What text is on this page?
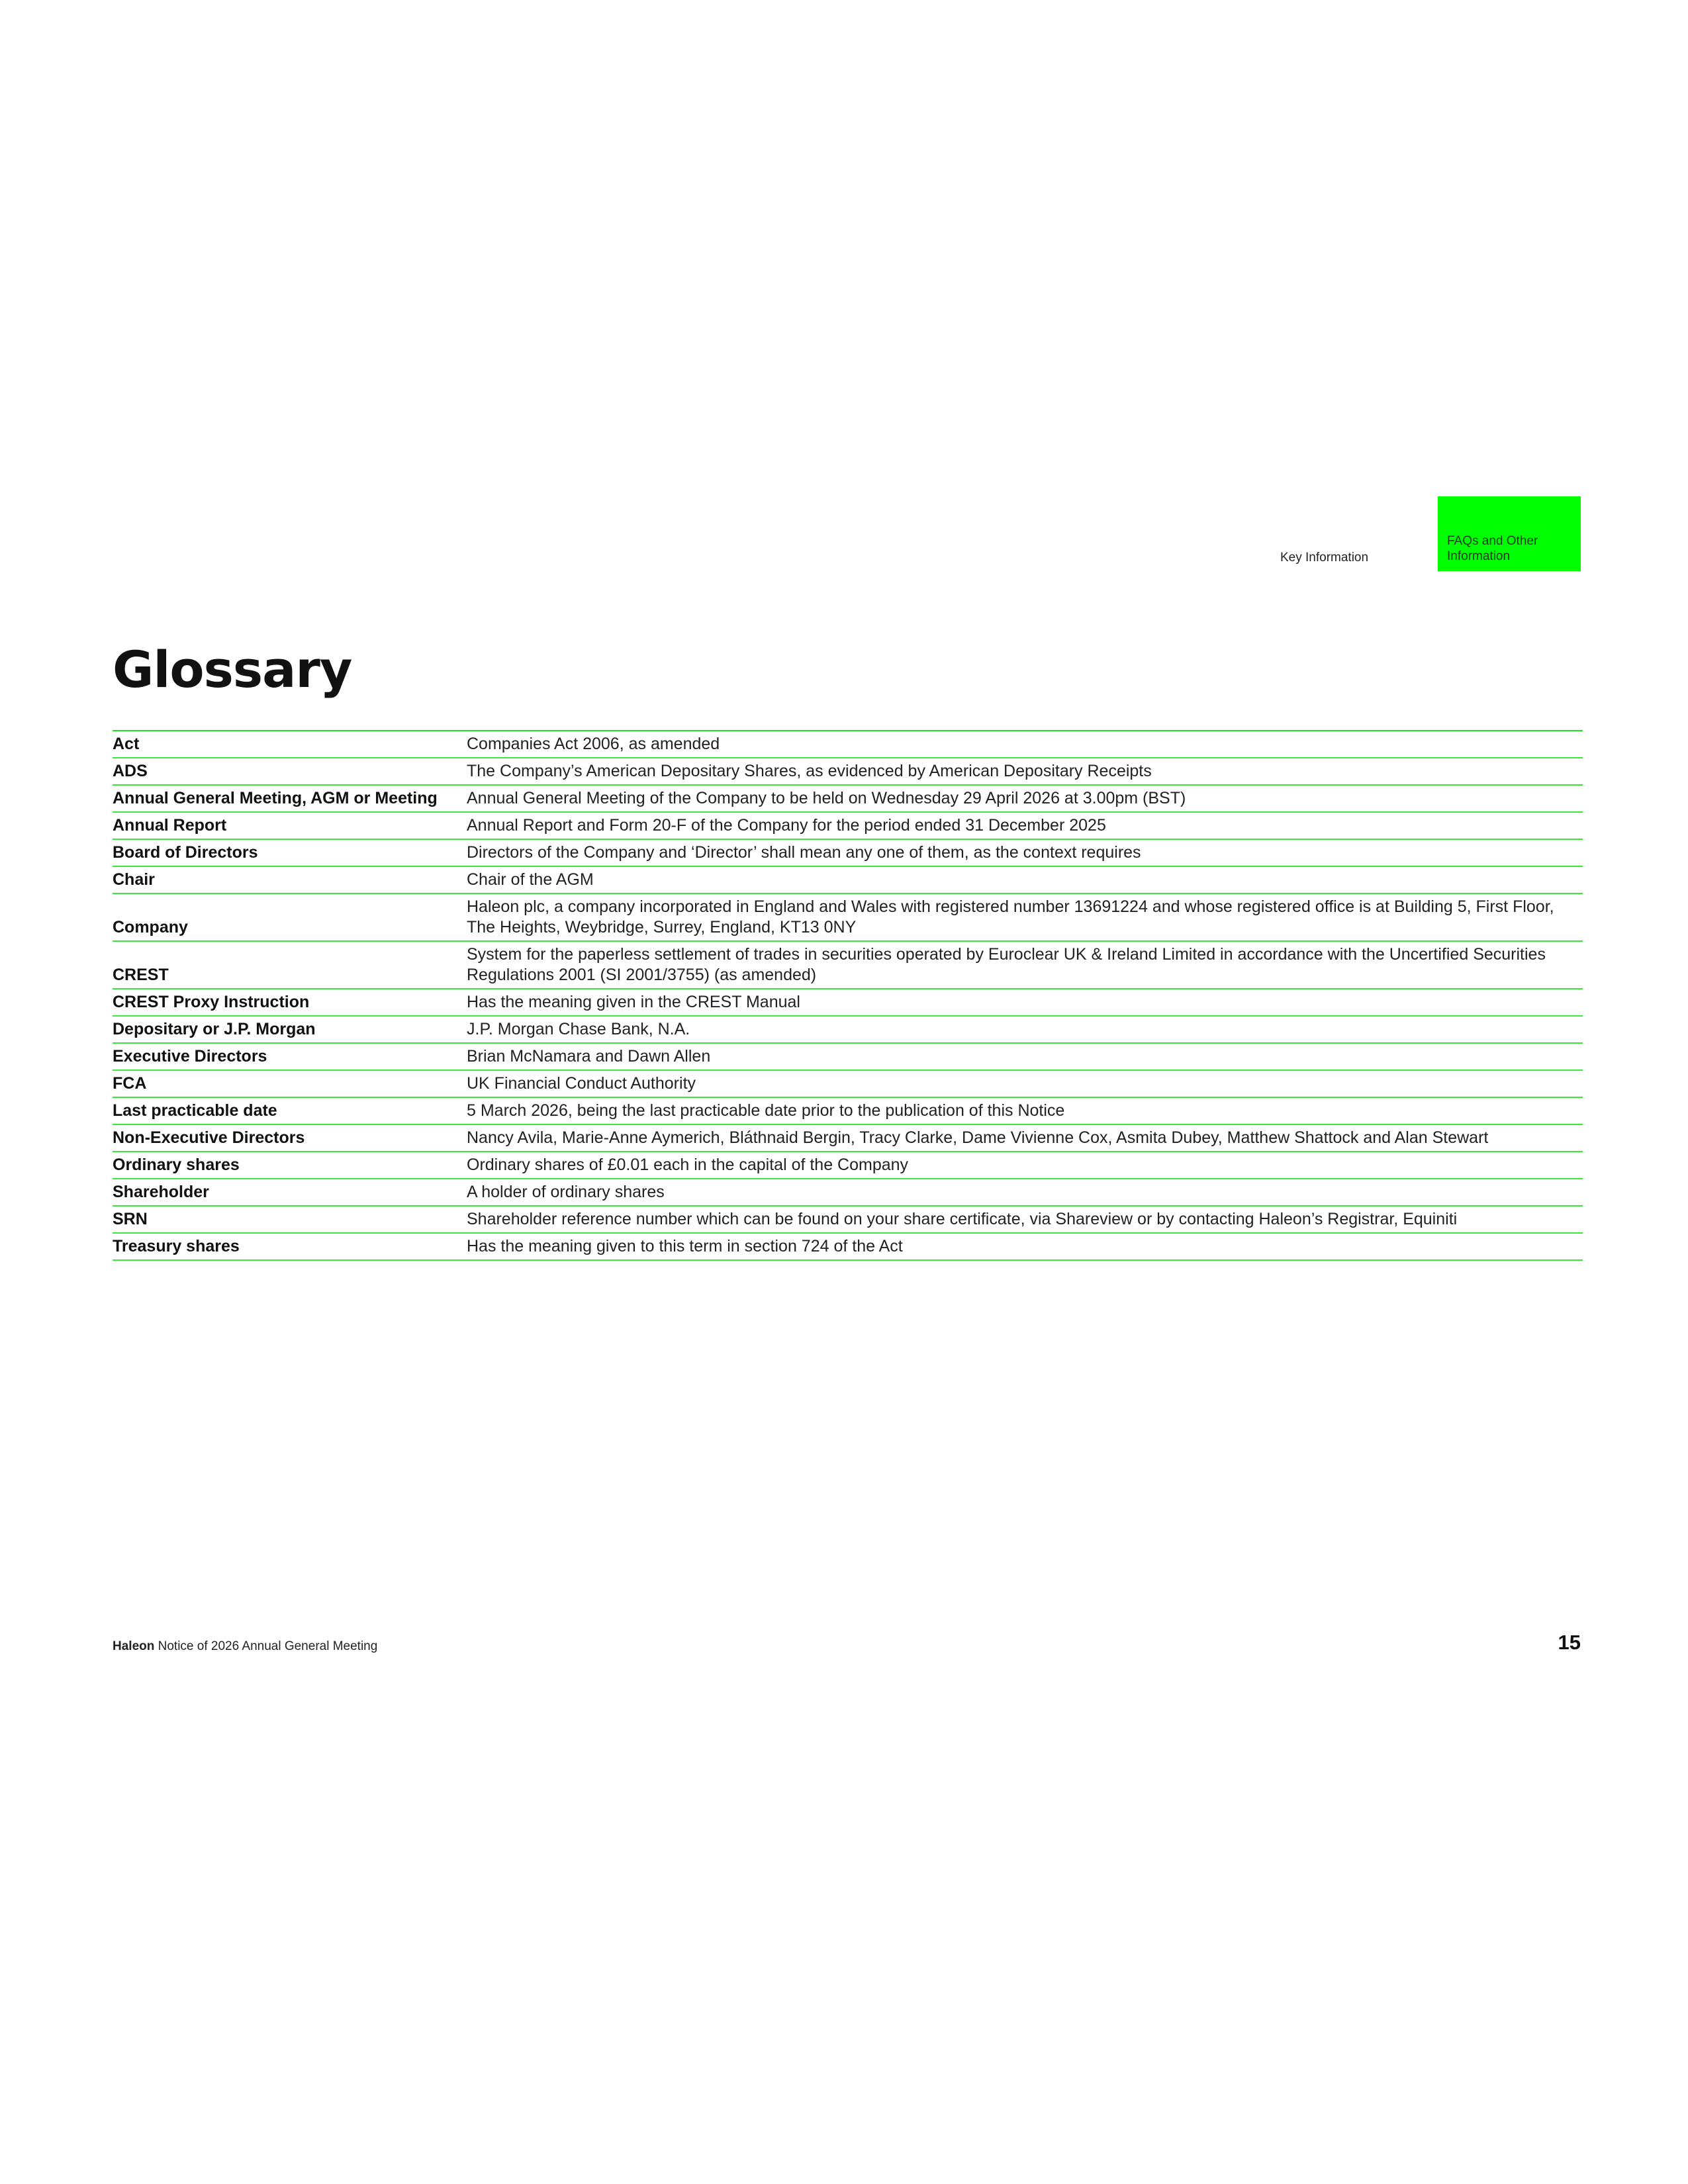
Key Information
FAQs and Other Information
Glossary
Act	Companies Act 2006, as amended
ADS	The Company’s American Depositary Shares, as evidenced by American Depositary Receipts
Annual General Meeting, AGM or Meeting	Annual General Meeting of the Company to be held on Wednesday 29 April 2026 at 3.00pm (BST)
Annual Report	Annual Report and Form 20-F of the Company for the period ended 31 December 2025
Board of Directors	Directors of the Company and ‘Director’ shall mean any one of them, as the context requires
Chair	Chair of the AGM
Company	Haleon plc, a company incorporated in England and Wales with registered number 13691224 and whose registered office is at Building 5, First Floor, The Heights, Weybridge, Surrey, England, KT13 0NY
CREST	System for the paperless settlement of trades in securities operated by Euroclear UK & Ireland Limited in accordance with the Uncertified Securities Regulations 2001 (SI 2001/3755) (as amended)
CREST Proxy Instruction	Has the meaning given in the CREST Manual
Depositary or J.P. Morgan	J.P. Morgan Chase Bank, N.A.
Executive Directors	Brian McNamara and Dawn Allen
FCA	UK Financial Conduct Authority
Last practicable date	5 March 2026, being the last practicable date prior to the publication of this Notice
Non-Executive Directors	Nancy Avila, Marie-Anne Aymerich, Bláthnaid Bergin, Tracy Clarke, Dame Vivienne Cox, Asmita Dubey, Matthew Shattock and Alan Stewart
Ordinary shares	Ordinary shares of £0.01 each in the capital of the Company
Shareholder	A holder of ordinary shares
SRN	Shareholder reference number which can be found on your share certificate, via Shareview or by contacting Haleon’s Registrar, Equiniti
Treasury shares	Has the meaning given to this term in section 724 of the Act
Haleon Notice of 2026 Annual General Meeting	15
